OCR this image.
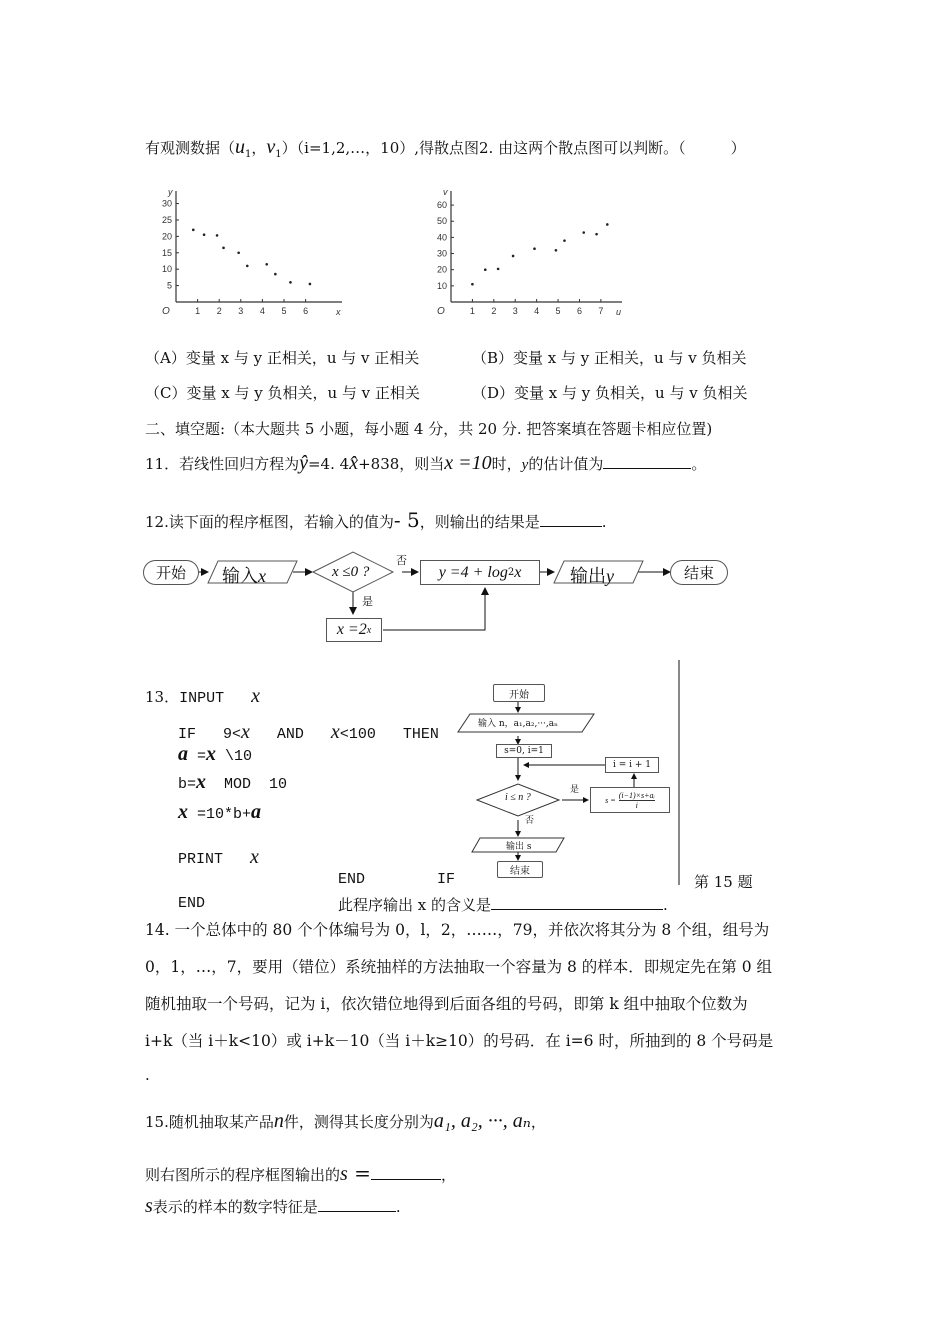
有观测数据（$u_1$，$v_1)(i=1,2,\dots$，10）,得散点图2. 由这两个散点图可以判断。（　　　）
y
x
O
30
25
20
15
10
5
1 2 3 4 5 6
v
u
O
60
50
40
30
20
10
1 2 3 4 5 6 7
（A）变量 x 与 y 正相关，u 与 v 正相关	（B）变量 x 与 y 正相关，u 与 v 负相关
（C）变量 x 与 y 负相关，u 与 v 正相关	（D）变量 x 与 y 负相关，u 与 v 负相关
二、填空题:（本大题共 5 小题，每小题 4 分，共 20 分. 把答案填在答题卡相应位置)
11．若线性回归方程为ŷ=4. 4x̂+838，则当x =10时，y的估计值为	。
12.读下面的程序框图，若输入的值为- 5，则输出的结果是	.
开始 输入x	x ≤0 ?
否
是
y =4 + log 2 x	输出y	结束
x =2 x
13．INPUT x
IF   9<x   AND   x<100   THEN
a =x \10
b=x  MOD  10
x =10*b+a
PRINT x
END        IF
END	此程序输出 x 的含义是	.
开始
输入 n，a₁,a₂,···,aₙ
s=0, i=1
i ≤ n ?
是
否
i = i + 1
$s = \frac{\text{(i−1)×s+aᵢ}}{i}$
输出 s
结束
第 15 题
14. 一个总体中的 80 个个体编号为 0，l，2，……，79，并依次将其分为 8 个组，组号为
0，1，…，7，要用（错位）系统抽样的方法抽取一个容量为 8 的样本．即规定先在第 0 组
随机抽取一个号码，记为 i，依次错位地得到后面各组的号码，即第 k 组中抽取个位数为
i+k（当 i＋k<10）或 i+k－10（当 i＋k≥10）的号码．在 i=6 时，所抽到的 8 个号码是
.
15.随机抽取某产品n件，测得其长度分别为a₁, a₂, ···, aₙ，
则右图所示的程序框图输出的s =	，
s表示的样本的数字特征是	.
